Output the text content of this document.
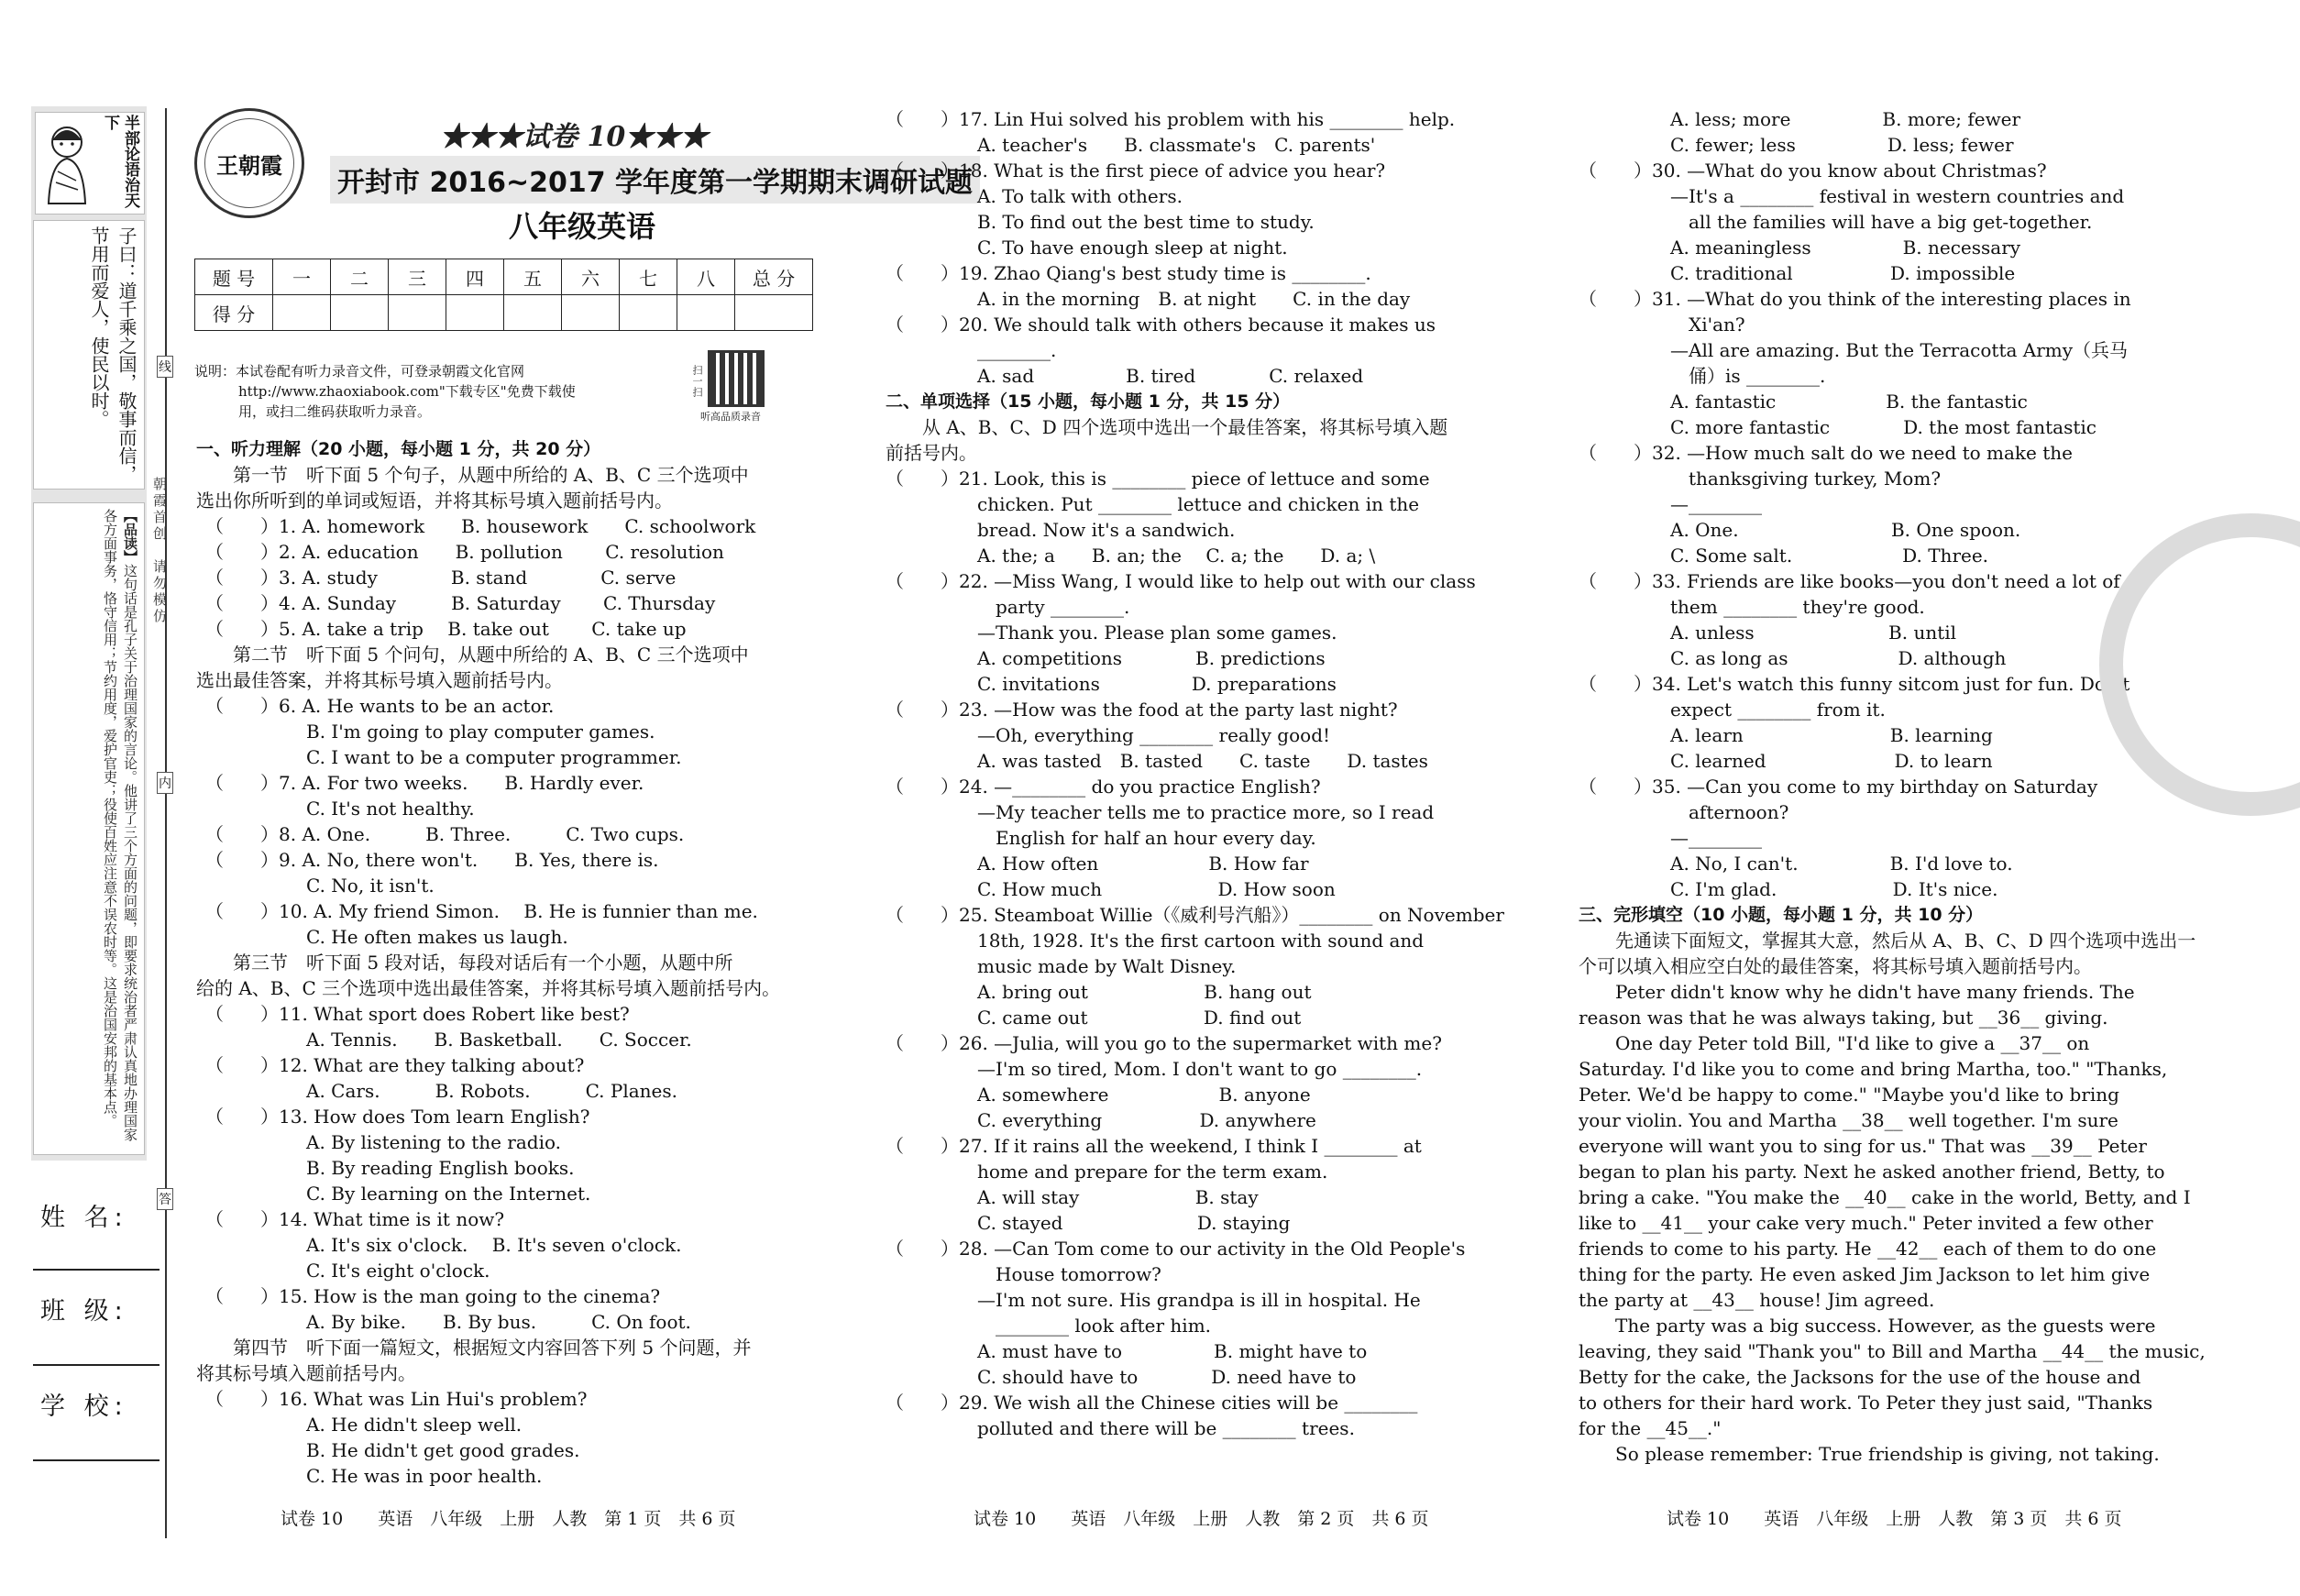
半部论语治天下
子曰：道千乘之国，敬事而信，节用而爱人，使民以时。
【品读】这句话是孔子关于治理国家的言论。他讲了三个方面的问题，即要求统治者严肃认真地办理国家各方面事务，恪守信用；节约用度，爱护官吏；役使百姓应注意不误农时等。这是治国安邦的基本点。
姓 名:
班 级:
学 校:
朝霞首创　请勿模仿
线
内
答
王朝霞
★★★试卷 10★★★
开封市 2016~2017 学年度第一学期期末调研试题
八年级英语
题 号	一	二	三	四	五	六	七	八	总 分
得 分									
说明：本试卷配有听力录音文件，可登录朝霞文化官网
http://www.zhaoxiabook.com"下载专区"免费下载使
用，或扫二维码获取听力录音。
扫一扫
听高品质录音

一、听力理解（20 小题，每小题 1 分，共 20 分）

　　第一节　听下面 5 个句子，从题中所给的 A、B、C 三个选项中

选出你所听到的单词或短语，并将其标号填入题前括号内。

　（　　）1. A. homework　　B. housework　　C. schoolwork

　（　　）2. A. education　　B. pollution　　 C. resolution

　（　　）3. A. study　　　　B. stand　　　　C. serve

　（　　）4. A. Sunday　　　B. Saturday　　 C. Thursday

　（　　）5. A. take a trip　 B. take out　　 C. take up

　　第二节　听下面 5 个问句，从题中所给的 A、B、C 三个选项中

选出最佳答案，并将其标号填入题前括号内。

　（　　）6. A. He wants to be an actor.

　　　　　　B. I'm going to play computer games.

　　　　　　C. I want to be a computer programmer.

　（　　）7. A. For two weeks.　　B. Hardly ever.

　　　　　　C. It's not healthy.

　（　　）8. A. One.　　　B. Three.　　　C. Two cups.

　（　　）9. A. No, there won't.　　B. Yes, there is.

　　　　　　C. No, it isn't.

　（　　）10. A. My friend Simon.　 B. He is funnier than me.

　　　　　　C. He often makes us laugh.

　　第三节　听下面 5 段对话，每段对话后有一个小题，从题中所

给的 A、B、C 三个选项中选出最佳答案，并将其标号填入题前括号内。

　（　　）11. What sport does Robert like best?

　　　　　　A. Tennis.　　B. Basketball.　　C. Soccer.

　（　　）12. What are they talking about?

　　　　　　A. Cars.　　　B. Robots.　　　C. Planes.

　（　　）13. How does Tom learn English?

　　　　　　A. By listening to the radio.

　　　　　　B. By reading English books.

　　　　　　C. By learning on the Internet.

　（　　）14. What time is it now?

　　　　　　A. It's six o'clock.　 B. It's seven o'clock.

　　　　　　C. It's eight o'clock.

　（　　）15. How is the man going to the cinema?

　　　　　　A. By bike.　　B. By bus.　　　C. On foot.

　　第四节　听下面一篇短文，根据短文内容回答下列 5 个问题，并

将其标号填入题前括号内。

　（　　）16. What was Lin Hui's problem?

　　　　　　A. He didn't sleep well.

　　　　　　B. He didn't get good grades.

　　　　　　C. He was in poor health.

（　　）17. Lin Hui solved his problem with his ________ help.

　　　　　A. teacher's　　B. classmate's　C. parents'

（　　）18. What is the first piece of advice you hear?

　　　　　A. To talk with others.

　　　　　B. To find out the best time to study.

　　　　　C. To have enough sleep at night.

（　　）19. Zhao Qiang's best study time is ________.

　　　　　A. in the morning　B. at night　　C. in the day

（　　）20. We should talk with others because it makes us

　　　　　________.

　　　　　A. sad　　　　　B. tired　　　　C. relaxed

二、单项选择（15 小题，每小题 1 分，共 15 分）

　　从 A、B、C、D 四个选项中选出一个最佳答案，将其标号填入题

前括号内。

（　　）21. Look, this is ________ piece of lettuce and some

　　　　　chicken. Put ________ lettuce and chicken in the

　　　　　bread. Now it's a sandwich.

　　　　　A. the; a　　B. an; the　 C. a; the　　D. a; \

（　　）22. —Miss Wang, I would like to help out with our class

　　　　　　party ________.

　　　　　—Thank you. Please plan some games.

　　　　　A. competitions　　　　B. predictions

　　　　　C. invitations　　　　　D. preparations

（　　）23. —How was the food at the party last night?

　　　　　—Oh, everything ________ really good!

　　　　　A. was tasted　B. tasted　　C. taste　　D. tastes

（　　）24. —________ do you practice English?

　　　　　—My teacher tells me to practice more, so I read

　　　　　　English for half an hour every day.

　　　　　A. How often　　　　　　B. How far

　　　　　C. How much　　　　　　 D. How soon

（　　）25. Steamboat Willie（《威利号汽船》）________ on November

　　　　　18th, 1928. It's the first cartoon with sound and

　　　　　music made by Walt Disney.

　　　　　A. bring out　　　　　　 B. hang out

　　　　　C. came out　　　　　　 D. find out

（　　）26. —Julia, will you go to the supermarket with me?

　　　　　—I'm so tired, Mom. I don't want to go ________.

　　　　　A. somewhere　　　　　　B. anyone

　　　　　C. everything　　　　　 D. anywhere

（　　）27. If it rains all the weekend, I think I ________ at

　　　　　home and prepare for the term exam.

　　　　　A. will stay　　　　　　 B. stay

　　　　　C. stayed　　　　　　　 D. staying

（　　）28. —Can Tom come to our activity in the Old People's

　　　　　　House tomorrow?

　　　　　—I'm not sure. His grandpa is ill in hospital. He

　　　　　　________ look after him.

　　　　　A. must have to　　　　　B. might have to

　　　　　C. should have to　　　　D. need have to

（　　）29. We wish all the Chinese cities will be ________

　　　　　polluted and there will be ________ trees.

　　　　　A. less; more　　　　　B. more; fewer

　　　　　C. fewer; less　　　　　D. less; fewer

（　　）30. —What do you know about Christmas?

　　　　　—It's a ________ festival in western countries and

　　　　　　all the families will have a big get-together.

　　　　　A. meaningless　　　　　B. necessary

　　　　　C. traditional　　　　　 D. impossible

（　　）31. —What do you think of the interesting places in

　　　　　　Xi'an?

　　　　　—All are amazing. But the Terracotta Army（兵马

　　　　　　俑）is ________.

　　　　　A. fantastic　　　　　　B. the fantastic

　　　　　C. more fantastic　　　　D. the most fantastic

（　　）32. —How much salt do we need to make the

　　　　　　thanksgiving turkey, Mom?

　　　　　—________

　　　　　A. One.　　　　　　　　 B. One spoon.

　　　　　C. Some salt.　　　　　　D. Three.

（　　）33. Friends are like books—you don't need a lot of

　　　　　them ________ they're good.

　　　　　A. unless　　　　　　　 B. until

　　　　　C. as long as　　　　　　D. although

（　　）34. Let's watch this funny sitcom just for fun. Don't

　　　　　expect ________ from it.

　　　　　A. learn　　　　　　　　B. learning

　　　　　C. learned　　　　　　　D. to learn

（　　）35. —Can you come to my birthday on Saturday

　　　　　　afternoon?

　　　　　—________

　　　　　A. No, I can't.　　　　　B. I'd love to.

　　　　　C. I'm glad.　　　　　　 D. It's nice.

三、完形填空（10 小题，每小题 1 分，共 10 分）

　　先通读下面短文，掌握其大意，然后从 A、B、C、D 四个选项中选出一

个可以填入相应空白处的最佳答案，将其标号填入题前括号内。

　　Peter didn't know why he didn't have many friends. The

reason was that he was always taking, but __36__ giving.

　　One day Peter told Bill, "I'd like to give a __37__ on

Saturday. I'd like you to come and bring Martha, too." "Thanks,

Peter. We'd be happy to come." "Maybe you'd like to bring

your violin. You and Martha __38__ well together. I'm sure

everyone will want you to sing for us." That was __39__ Peter

began to plan his party. Next he asked another friend, Betty, to

bring a cake. "You make the __40__ cake in the world, Betty, and I

like to __41__ your cake very much." Peter invited a few other

friends to come to his party. He __42__ each of them to do one

thing for the party. He even asked Jim Jackson to let him give

the party at __43__ house! Jim agreed.

　　The party was a big success. However, as the guests were

leaving, they said "Thank you" to Bill and Martha __44__ the music,

Betty for the cake, the Jacksons for the use of the house and

to others for their hard work. To Peter they just said, "Thanks

for the __45__."

　　So please remember: True friendship is giving, not taking.

试卷 10　　英语　八年级　上册　人教　第 1 页　共 6 页	试卷 10　　英语　八年级　上册　人教　第 2 页　共 6 页	试卷 10　　英语　八年级　上册　人教　第 3 页　共 6 页
